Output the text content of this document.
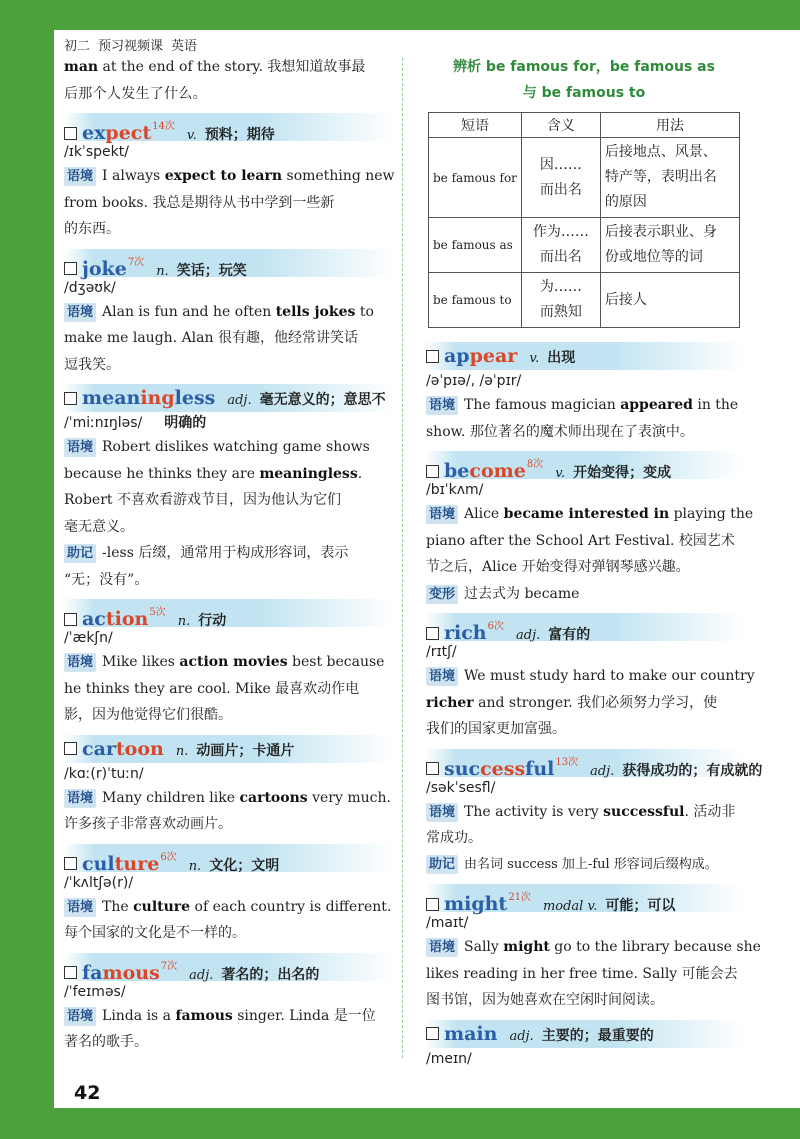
初二 预习视频课 英语

man at the end of the story. 我想知道故事最

后那个人发生了什么。

expect$^{14次}$v. 预料；期待
/ɪkˈspekt/

语境 I always expect to learn something new

from books. 我总是期待从书中学到一些新

的东西。

joke$^{7次}$n. 笑话；玩笑
/dʒəʊk/

语境 Alan is fun and he often tells jokes to

make me laugh. Alan 很有趣，他经常讲笑话

逗我笑。

meaningless adj. 毫无意义的；意思不
/ˈmiːnɪŋləs/ 明确的

语境 Robert dislikes watching game shows

because he thinks they are meaningless.

Robert 不喜欢看游戏节目，因为他认为它们

毫无意义。

助记 -less 后缀，通常用于构成形容词，表示

“无；没有”。

action$^{5次}$n. 行动
/ˈækʃn/

语境 Mike likes action movies best because

he thinks they are cool. Mike 最喜欢动作电

影，因为他觉得它们很酷。

cartoon n. 动画片；卡通片
/kɑː(r)ˈtuːn/

语境 Many children like cartoons very much.

许多孩子非常喜欢动画片。

culture$^{6次}$n. 文化；文明
/ˈkʌltʃə(r)/

语境 The culture of each country is different.

每个国家的文化是不一样的。

famous$^{7次}$adj. 著名的；出名的
/ˈfeɪməs/

语境 Linda is a famous singer. Linda 是一位

著名的歌手。

辨析 be famous for，be famous as
与 be famous to
短语	含义	用法
be famous for	因……
而出名	后接地点、风景、
特产等，表明出名
的原因
be famous as	作为……
而出名	后接表示职业、身
份或地位等的词
be famous to	为……
而熟知	后接人
appear v. 出现
/əˈpɪə/, /əˈpɪr/

语境 The famous magician appeared in the

show. 那位著名的魔术师出现在了表演中。

become$^{8次}$v. 开始变得；变成
/bɪˈkʌm/

语境 Alice became interested in playing the

piano after the School Art Festival. 校园艺术

节之后，Alice 开始变得对弹钢琴感兴趣。

变形 过去式为 became

rich$^{6次}$adj. 富有的
/rɪtʃ/

语境 We must study hard to make our country

richer and stronger. 我们必须努力学习，使

我们的国家更加富强。

successful$^{13次}$adj. 获得成功的；有成就的
/səkˈsesfl/

语境 The activity is very successful. 活动非

常成功。

助记 由名词 success 加上-ful 形容词后缀构成。

might$^{21次}$modal v. 可能；可以
/maɪt/

语境 Sally might go to the library because she

likes reading in her free time. Sally 可能会去

图书馆，因为她喜欢在空闲时间阅读。

main adj. 主要的；最重要的
/meɪn/
42
